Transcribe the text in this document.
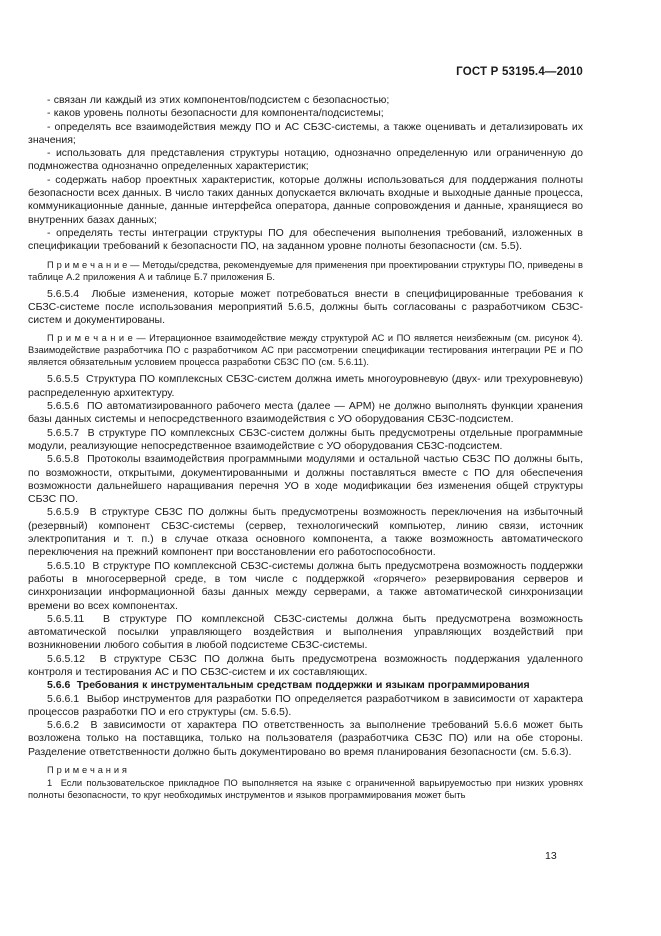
ГОСТ Р 53195.4—2010

- связан ли каждый из этих компонентов/подсистем с безопасностью;

- каков уровень полноты безопасности для компонента/подсистемы;

- определять все взаимодействия между ПО и АС СБЗС-системы, а также оценивать и детализировать их значения;

- использовать для представления структуры нотацию, однозначно определенную или ограниченную до подмножества однозначно определенных характеристик;

- содержать набор проектных характеристик, которые должны использоваться для поддержания полноты безопасности всех данных. В число таких данных допускается включать входные и выходные данные процесса, коммуникационные данные, данные интерфейса оператора, данные сопровождения и данные, хранящиеся во внутренних базах данных;

- определять тесты интеграции структуры ПО для обеспечения выполнения требований, изложенных в спецификации требований к безопасности ПО, на заданном уровне полноты безопасности (см. 5.5).

П р и м е ч а н и е — Методы/средства, рекомендуемые для применения при проектировании структуры ПО, приведены в таблице А.2 приложения А и таблице Б.7 приложения Б.

5.6.5.4  Любые изменения, которые может потребоваться внести в специфицированные требования к СБЗС-системе после использования мероприятий 5.6.5, должны быть согласованы с разработчиком СБЗС-систем и документированы.

П р и м е ч а н и е — Итерационное взаимодействие между структурой АС и ПО является неизбежным (см. рисунок 4). Взаимодействие разработчика ПО с разработчиком АС при рассмотрении спецификации тестирования интеграции РЕ и ПО является обязательным условием процесса разработки СБЗС ПО (см. 5.6.11).

5.6.5.5  Структура ПО комплексных СБЗС-систем должна иметь многоуровневую (двух- или трехуровневую) распределенную архитектуру.

5.6.5.6  ПО автоматизированного рабочего места (далее — АРМ) не должно выполнять функции хранения базы данных системы и непосредственного взаимодействия с УО оборудования СБЗС-подсистем.

5.6.5.7  В структуре ПО комплексных СБЗС-систем должны быть предусмотрены отдельные программные модули, реализующие непосредственное взаимодействие с УО оборудования СБЗС-подсистем.

5.6.5.8  Протоколы взаимодействия программными модулями и остальной частью СБЗС ПО должны быть, по возможности, открытыми, документированными и должны поставляться вместе с ПО для обеспечения возможности дальнейшего наращивания перечня УО в ходе модификации без изменения общей структуры СБЗС ПО.

5.6.5.9  В структуре СБЗС ПО должны быть предусмотрены возможность переключения на избыточный (резервный) компонент СБЗС-системы (сервер, технологический компьютер, линию связи, источник электропитания и т. п.) в случае отказа основного компонента, а также возможность автоматического переключения на прежний компонент при восстановлении его работоспособности.

5.6.5.10  В структуре ПО комплексной СБЗС-системы должна быть предусмотрена возможность поддержки работы в многосерверной среде, в том числе с поддержкой «горячего» резервирования серверов и синхронизации информационной базы данных между серверами, а также автоматической синхронизации времени во всех компонентах.

5.6.5.11  В структуре ПО комплексной СБЗС-системы должна быть предусмотрена возможность автоматической посылки управляющего воздействия и выполнения управляющих воздействий при возникновении любого события в любой подсистеме СБЗС-системы.

5.6.5.12  В структуре СБЗС ПО должна быть предусмотрена возможность поддержания удаленного контроля и тестирования АС и ПО СБЗС-систем и их составляющих.

5.6.6  Требования к инструментальным средствам поддержки и языкам программирования

5.6.6.1  Выбор инструментов для разработки ПО определяется разработчиком в зависимости от характера процессов разработки ПО и его структуры (см. 5.6.5).

5.6.6.2  В зависимости от характера ПО ответственность за выполнение требований 5.6.6 может быть возложена только на поставщика, только на пользователя (разработчика СБЗС ПО) или на обе стороны. Разделение ответственности должно быть документировано во время планирования безопасности (см. 5.6.3).

П р и м е ч а н и я

1  Если пользовательское прикладное ПО выполняется на языке с ограниченной варьируемостью при низких уровнях полноты безопасности, то круг необходимых инструментов и языков программирования может быть

13
